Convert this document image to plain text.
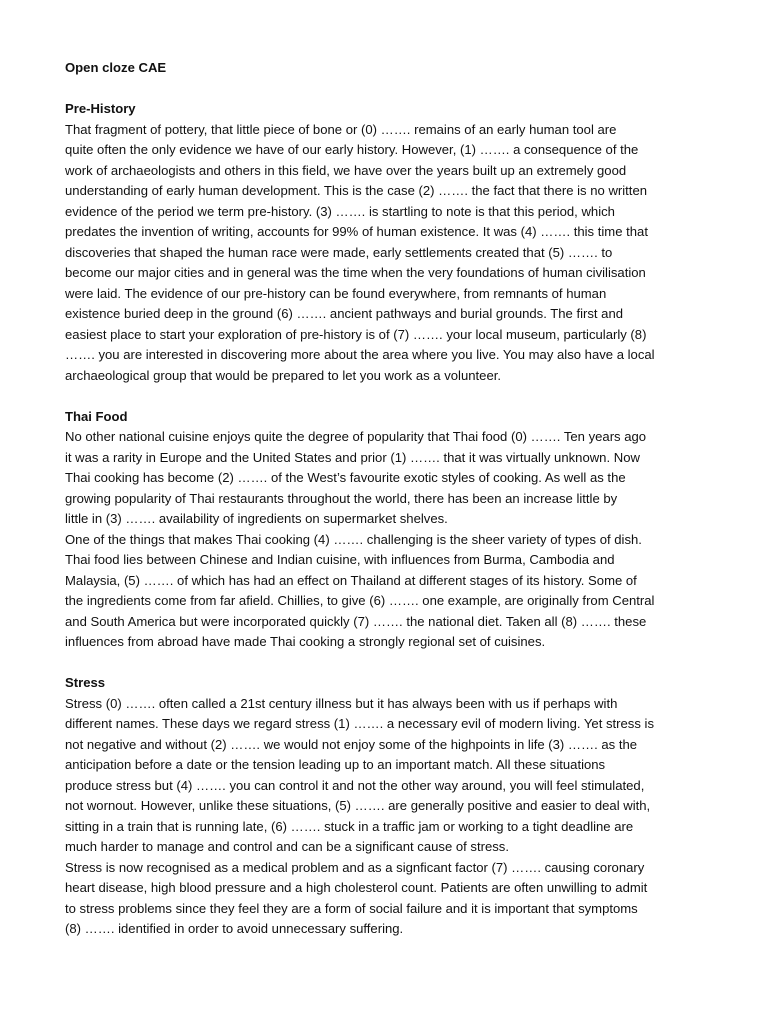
Open cloze CAE
Pre-History
That fragment of pottery, that little piece of bone or (0) ……. remains of an early human tool are
quite often the only evidence we have of our early history. However, (1) ……. a consequence of the
work of archaeologists and others in this field, we have over the years built up an extremely good
understanding of early human development. This is the case (2) ……. the fact that there is no written
evidence of the period we term pre-history. (3) ……. is startling to note is that this period, which
predates the invention of writing, accounts for 99% of human existence. It was (4) ……. this time that
discoveries that shaped the human race were made, early settlements created that (5) ……. to
become our major cities and in general was the time when the very foundations of human civilisation
were laid. The evidence of our pre-history can be found everywhere, from remnants of human
existence buried deep in the ground (6) ……. ancient pathways and burial grounds. The first and
easiest place to start your exploration of pre-history is of (7) ……. your local museum, particularly (8)
……. you are interested in discovering more about the area where you live. You may also have a local
archaeological group that would be prepared to let you work as a volunteer.
Thai Food
No other national cuisine enjoys quite the degree of popularity that Thai food (0) ……. Ten years ago
it was a rarity in Europe and the United States and prior (1) ……. that it was virtually unknown. Now
Thai cooking has become (2) ……. of the West’s favourite exotic styles of cooking. As well as the
growing popularity of Thai restaurants throughout the world, there has been an increase little by
little in (3) ……. availability of ingredients on supermarket shelves.
One of the things that makes Thai cooking (4) ……. challenging is the sheer variety of types of dish.
Thai food lies between Chinese and Indian cuisine, with influences from Burma, Cambodia and
Malaysia, (5) ……. of which has had an effect on Thailand at different stages of its history. Some of
the ingredients come from far afield. Chillies, to give (6) ……. one example, are originally from Central
and South America but were incorporated quickly (7) ……. the national diet. Taken all (8) ……. these
influences from abroad have made Thai cooking a strongly regional set of cuisines.
Stress
Stress (0) ……. often called a 21st century illness but it has always been with us if perhaps with
different names. These days we regard stress (1) ……. a necessary evil of modern living. Yet stress is
not negative and without (2) ……. we would not enjoy some of the highpoints in life (3) ……. as the
anticipation before a date or the tension leading up to an important match. All these situations
produce stress but (4) ……. you can control it and not the other way around, you will feel stimulated,
not wornout. However, unlike these situations, (5) ……. are generally positive and easier to deal with,
sitting in a train that is running late, (6) ……. stuck in a traffic jam or working to a tight deadline are
much harder to manage and control and can be a significant cause of stress.
Stress is now recognised as a medical problem and as a signficant factor (7) ……. causing coronary
heart disease, high blood pressure and a high cholesterol count. Patients are often unwilling to admit
to stress problems since they feel they are a form of social failure and it is important that symptoms
(8) ……. identified in order to avoid unnecessary suffering.
